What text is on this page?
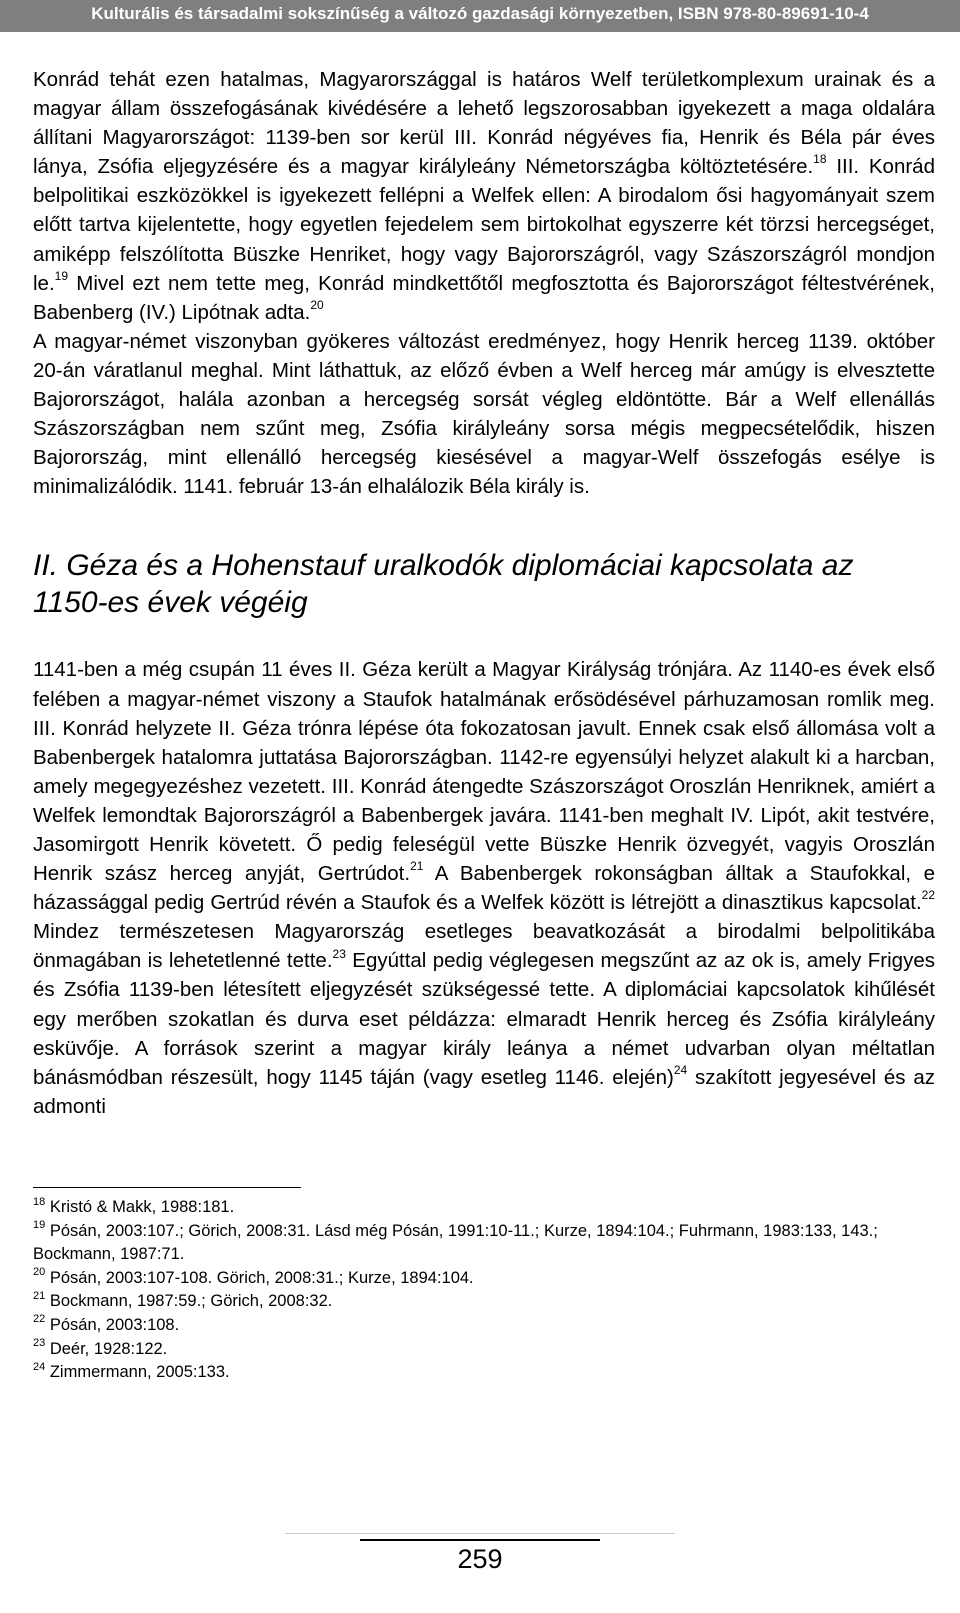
Kulturális és társadalmi sokszínűség a változó gazdasági környezetben, ISBN 978-80-89691-10-4

Konrád tehát ezen hatalmas, Magyarországgal is határos Welf területkomplexum urainak és a magyar állam összefogásának kivédésére a lehető legszorosabban igyekezett a maga oldalára állítani Magyarországot: 1139-ben sor kerül III. Konrád négyéves fia, Henrik és Béla pár éves lánya, Zsófia eljegyzésére és a magyar királyleány Németországba költöztetésére.$^{18}$ III. Konrád belpolitikai eszközökkel is igyekezett fellépni a Welfek ellen: A birodalom ősi hagyományait szem előtt tartva kijelentette, hogy egyetlen fejedelem sem birtokolhat egyszerre két törzsi hercegséget, amiképp felszólította Büszke Henriket, hogy vagy Bajorországról, vagy Szászországról mondjon le.$^{19}$ Mivel ezt nem tette meg, Konrád mindkettőtől megfosztotta és Bajorországot féltestvérének, Babenberg (IV.) Lipótnak adta.$^{20}$

A magyar-német viszonyban gyökeres változást eredményez, hogy Henrik herceg 1139. október 20-án váratlanul meghal. Mint láthattuk, az előző évben a Welf herceg már amúgy is elvesztette Bajorországot, halála azonban a hercegség sorsát végleg eldöntötte. Bár a Welf ellenállás Szászországban nem szűnt meg, Zsófia királyleány sorsa mégis megpecsételődik, hiszen Bajorország, mint ellenálló hercegség kiesésével a magyar-Welf összefogás esélye is minimalizálódik. 1141. február 13-án elhalálozik Béla király is.

II. Géza és a Hohenstauf uralkodók diplomáciai kapcsolata az 1150-es évek végéig

1141-ben a még csupán 11 éves II. Géza került a Magyar Királyság trónjára. Az 1140-es évek első felében a magyar-német viszony a Staufok hatalmának erősödésével párhuzamosan romlik meg. III. Konrád helyzete II. Géza trónra lépése óta fokozatosan javult. Ennek csak első állomása volt a Babenbergek hatalomra juttatása Bajorországban. 1142-re egyensúlyi helyzet alakult ki a harcban, amely megegyezéshez vezetett. III. Konrád átengedte Szászországot Oroszlán Henriknek, amiért a Welfek lemondtak Bajorországról a Babenbergek javára. 1141-ben meghalt IV. Lipót, akit testvére, Jasomirgott Henrik követett. Ő pedig feleségül vette Büszke Henrik özvegyét, vagyis Oroszlán Henrik szász herceg anyját, Gertrúdot.$^{21}$ A Babenbergek rokonságban álltak a Staufokkal, e házassággal pedig Gertrúd révén a Staufok és a Welfek között is létrejött a dinasztikus kapcsolat.$^{22}$ Mindez természetesen Magyarország esetleges beavatkozását a birodalmi belpolitikába önmagában is lehetetlenné tette.$^{23}$ Egyúttal pedig véglegesen megszűnt az az ok is, amely Frigyes és Zsófia 1139-ben létesített eljegyzését szükségessé tette. A diplomáciai kapcsolatok kihűlését egy merőben szokatlan és durva eset példázza: elmaradt Henrik herceg és Zsófia királyleány esküvője. A források szerint a magyar király leánya a német udvarban olyan méltatlan bánásmódban részesült, hogy 1145 táján (vagy esetleg 1146. elején)$^{24}$ szakított jegyesével és az admonti

$^{18}$ Kristó & Makk, 1988:181.

$^{19}$ Pósán, 2003:107.; Görich, 2008:31. Lásd még Pósán, 1991:10-11.; Kurze, 1894:104.; Fuhrmann, 1983:133, 143.; Bockmann, 1987:71.

$^{20}$ Pósán, 2003:107-108. Görich, 2008:31.; Kurze, 1894:104.

$^{21}$ Bockmann, 1987:59.; Görich, 2008:32.

$^{22}$ Pósán, 2003:108.

$^{23}$ Deér, 1928:122.

$^{24}$ Zimmermann, 2005:133.

259
